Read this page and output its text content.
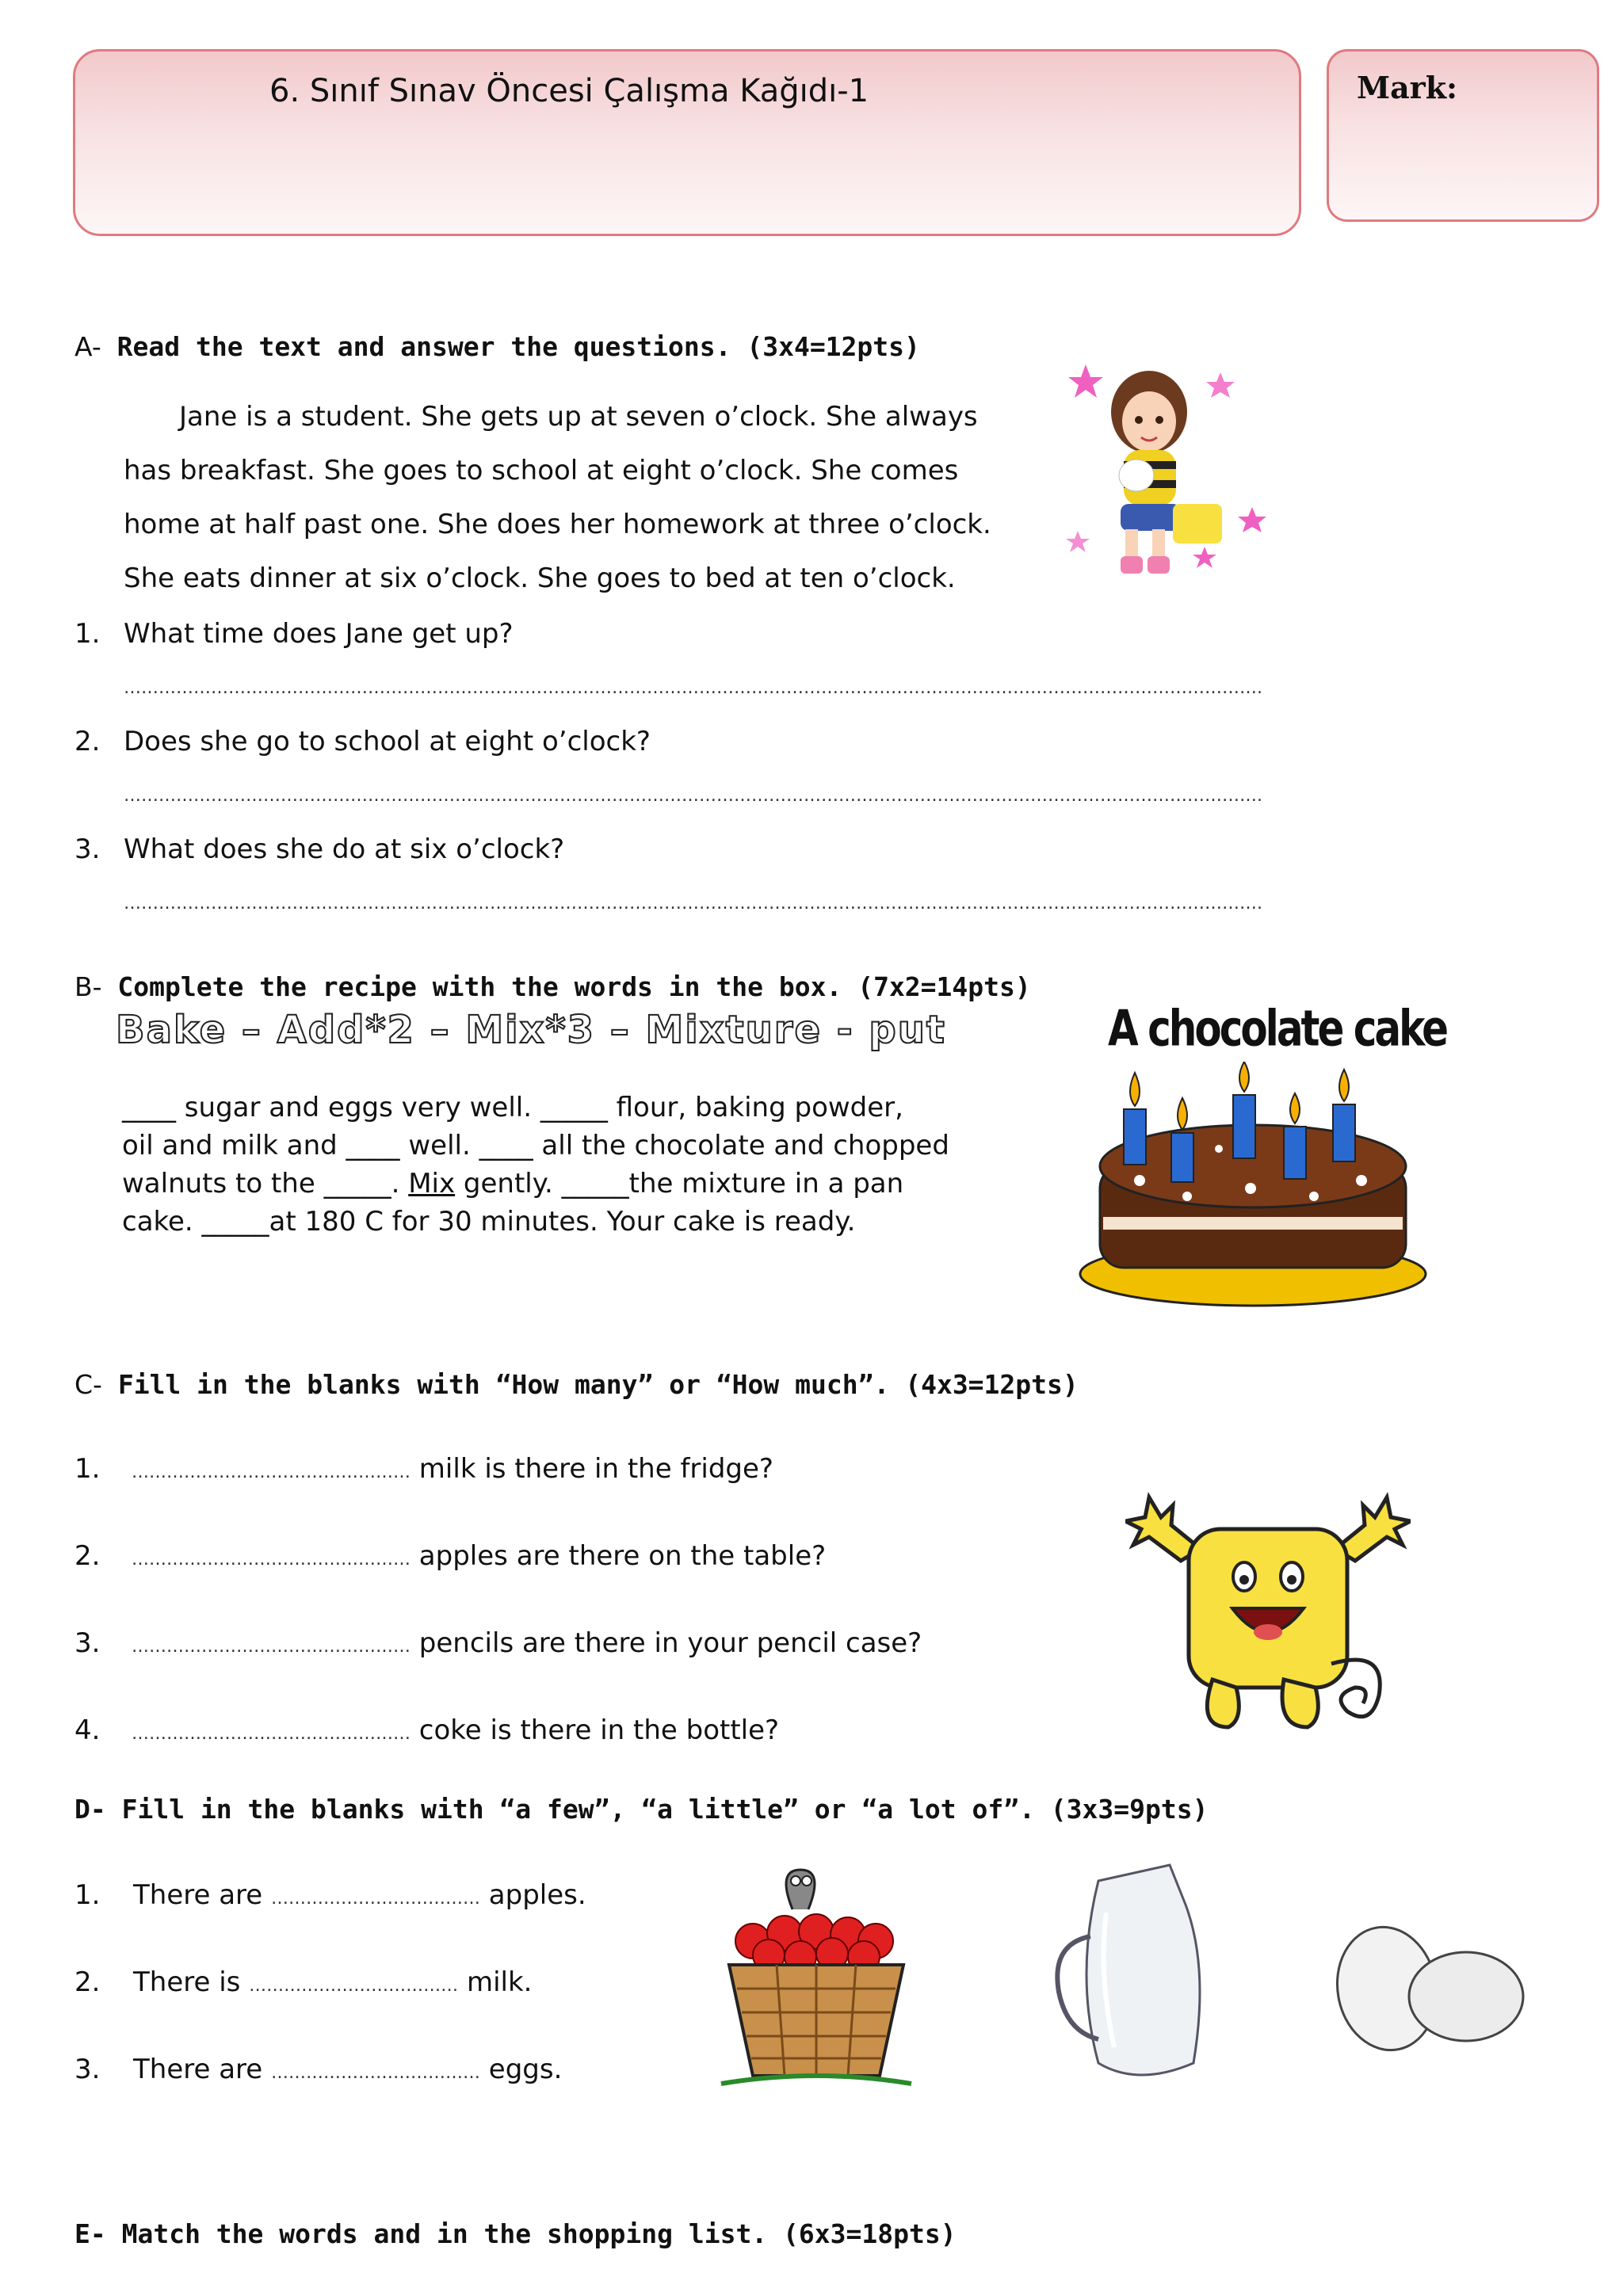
6. Sınıf Sınav Öncesi Çalışma Kağıdı-1	Mark:
A- Read the text and answer the questions. (3x4=12pts)
Jane is a student. She gets up at seven o’clock. She always
has breakfast. She goes to school at eight o’clock. She comes
home at half past one. She does her homework at three o’clock.
She eats dinner at six o’clock. She goes to bed at ten o’clock.
1. What time does Jane get up?
…………………………………………………………………………………………………………………………………………………………………………….
2. Does she go to school at eight o’clock?
…………………………………………………………………………………………………………………………………………………………………………….
3. What does she do at six o’clock?
…………………………………………………………………………………………………………………………………………………………………………….
B- Complete the recipe with the words in the box. (7x2=14pts)
Bake – Add*2 – Mix*3 – Mixture - put	A chocolate cake
____ sugar and eggs very well. _____ flour, baking powder,
oil and milk and ____ well. ____ all the chocolate and chopped
walnuts to the _____. Mix gently. _____the mixture in a pan
cake. _____at 180 C for 30 minutes. Your cake is ready.
C- Fill in the blanks with “How many” or “How much”. (4x3=12pts)
1. ………………………………………… milk is there in the fridge?
2. ………………………………………… apples are there on the table?
3. ………………………………………… pencils are there in your pencil case?
4. ………………………………………… coke is there in the bottle?
D- Fill in the blanks with “a few”, “a little” or “a lot of”. (3x3=9pts)
1. There are ……………………………… apples.
2. There is ……………………………… milk.
3. There are ……………………………… eggs.
E- Match the words and in the shopping list. (6x3=18pts)
